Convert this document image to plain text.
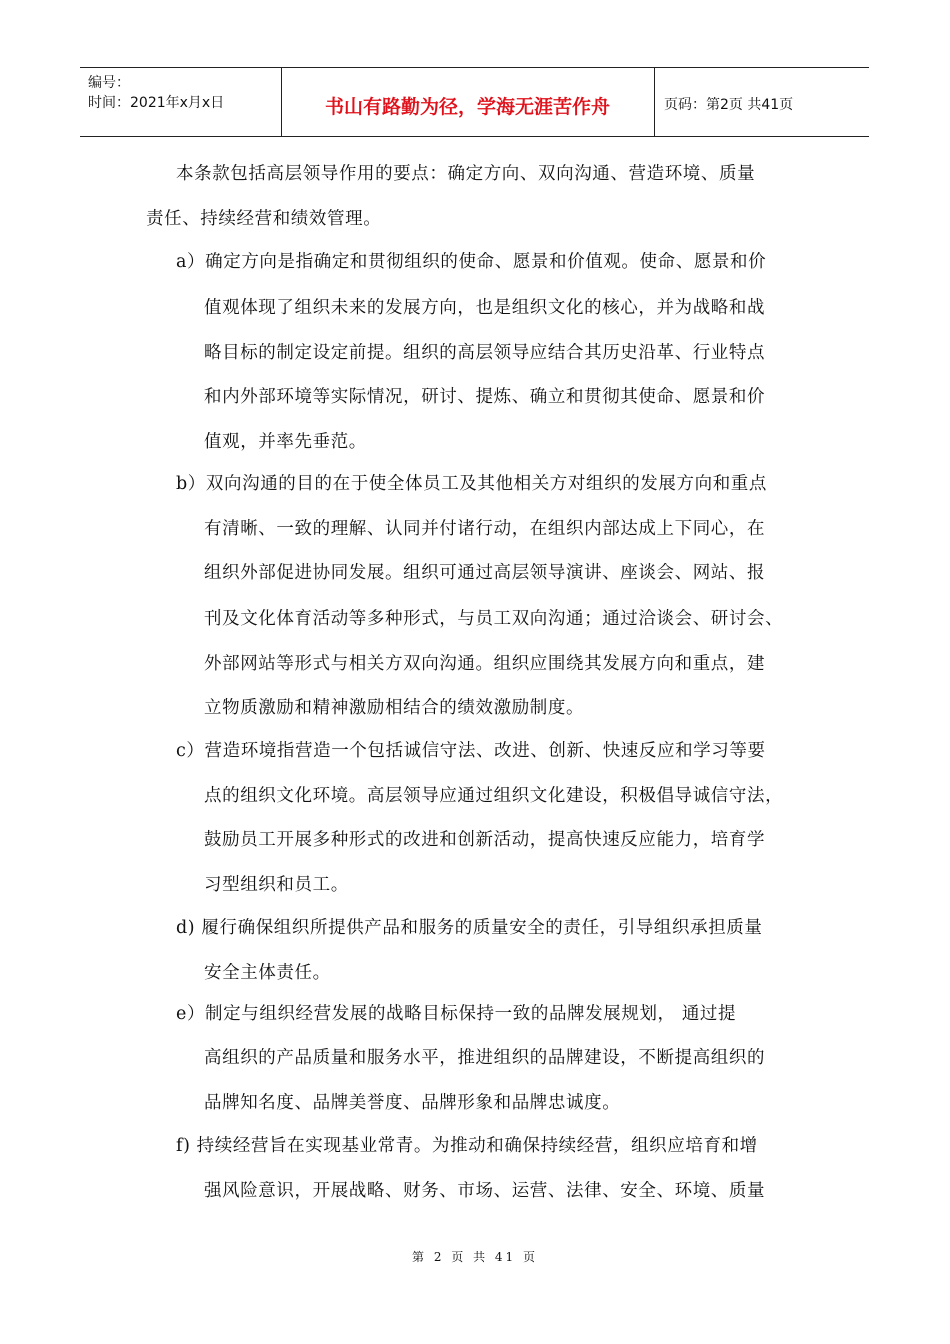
编号：
时间：2021年x月x日	书山有路勤为径，学海无涯苦作舟	页码：第2页 共41页
本条款包括高层领导作用的要点：确定方向、双向沟通、营造环境、质量
责任、持续经营和绩效管理。
a）确定方向是指确定和贯彻组织的使命、愿景和价值观。使命、愿景和价
值观体现了组织未来的发展方向，也是组织文化的核心，并为战略和战
略目标的制定设定前提。组织的高层领导应结合其历史沿革、行业特点
和内外部环境等实际情况，研讨、提炼、确立和贯彻其使命、愿景和价
值观，并率先垂范。
b）双向沟通的目的在于使全体员工及其他相关方对组织的发展方向和重点
有清晰、一致的理解、认同并付诸行动，在组织内部达成上下同心，在
组织外部促进协同发展。组织可通过高层领导演讲、座谈会、网站、报
刊及文化体育活动等多种形式，与员工双向沟通；通过洽谈会、研讨会、
外部网站等形式与相关方双向沟通。组织应围绕其发展方向和重点，建
立物质激励和精神激励相结合的绩效激励制度。
c）营造环境指营造一个包括诚信守法、改进、创新、快速反应和学习等要
点的组织文化环境。高层领导应通过组织文化建设，积极倡导诚信守法，
鼓励员工开展多种形式的改进和创新活动，提高快速反应能力，培育学
习型组织和员工。
d) 履行确保组织所提供产品和服务的质量安全的责任，引导组织承担质量
安全主体责任。
e）制定与组织经营发展的战略目标保持一致的品牌发展规划， 通过提
高组织的产品质量和服务水平，推进组织的品牌建设，不断提高组织的
品牌知名度、品牌美誉度、品牌形象和品牌忠诚度。
f) 持续经营旨在实现基业常青。为推动和确保持续经营，组织应培育和增
强风险意识，开展战略、财务、市场、运营、法律、安全、环境、质量
第 2 页 共 41 页
